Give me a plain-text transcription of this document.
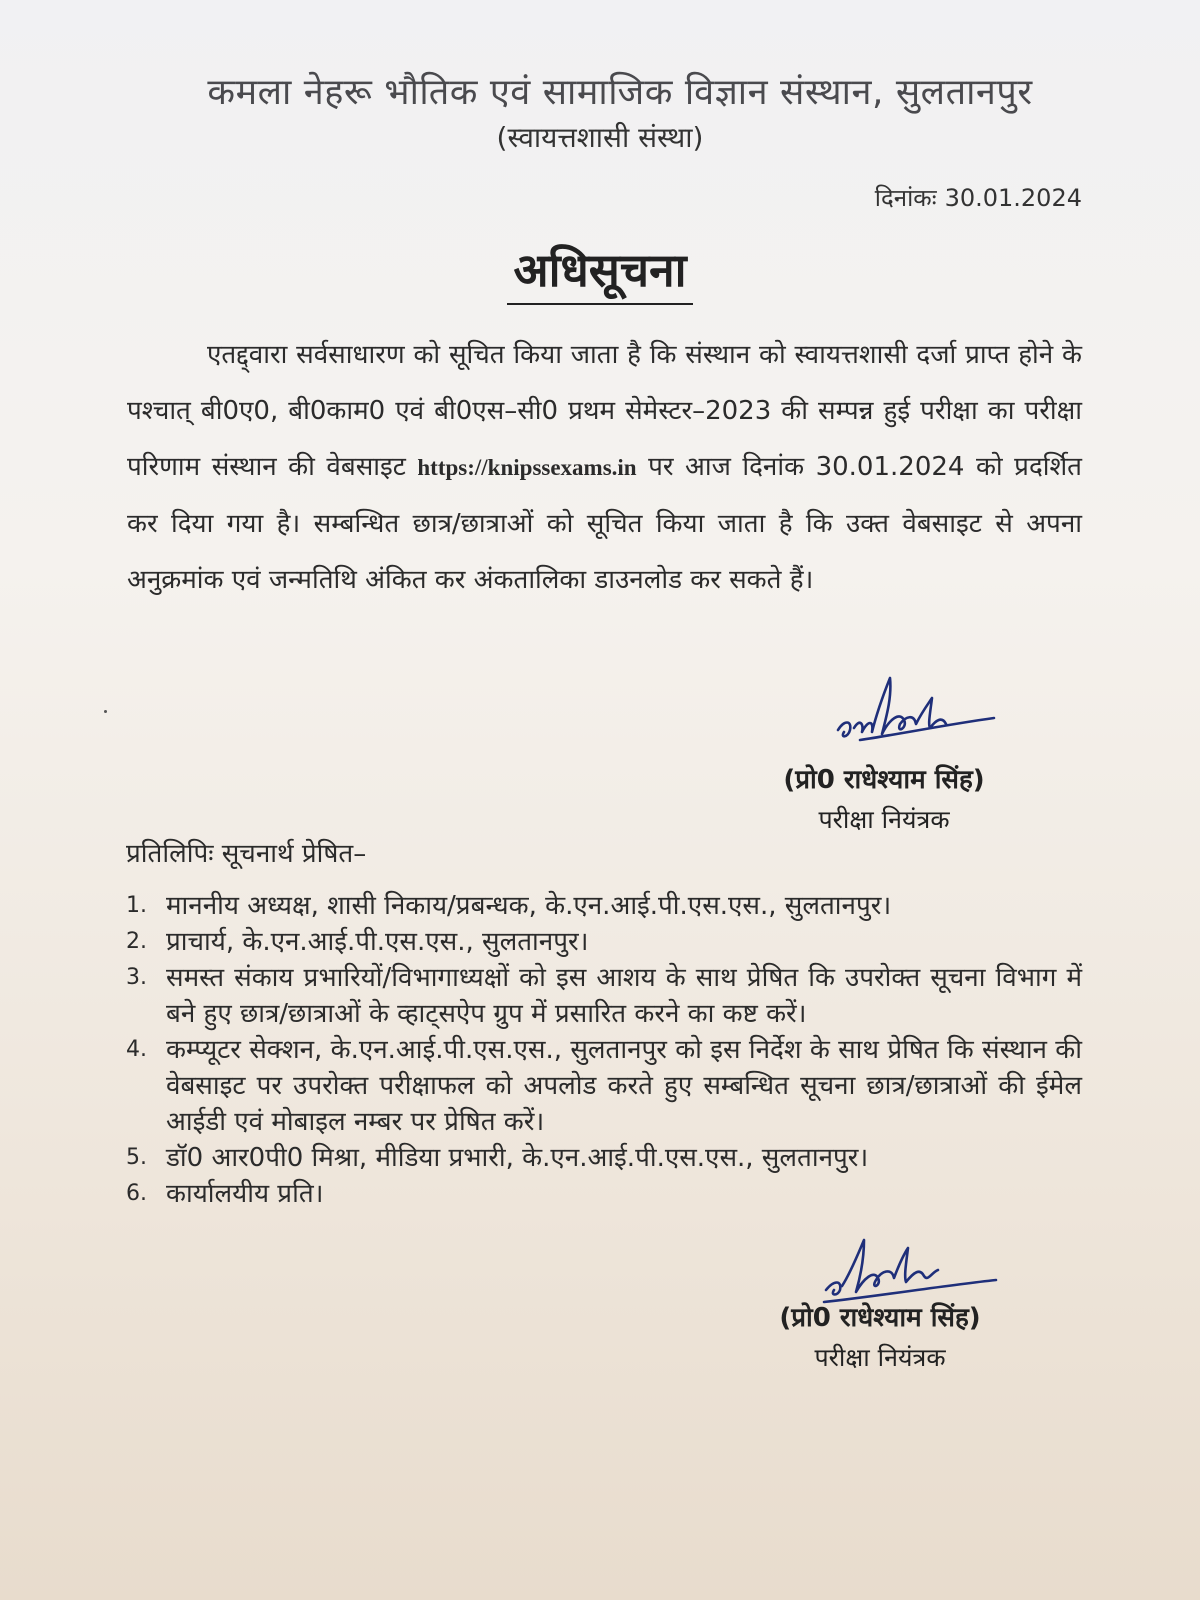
कमला नेहरू भौतिक एवं सामाजिक विज्ञान संस्थान, सुलतानपुर
(स्वायत्तशासी संस्था)
दिनांकः 30.01.2024
अधिसूचना
एतद्द्वारा सर्वसाधारण को सूचित किया जाता है कि संस्थान को स्वायत्तशासी दर्जा प्राप्त होने के पश्चात् बी0ए0, बी0काम0 एवं बी0एस–सी0 प्रथम सेमेस्टर–2023 की सम्पन्न हुई परीक्षा का परीक्षा परिणाम संस्थान की वेबसाइट https://knipssexams.in पर आज दिनांक 30.01.2024 को प्रदर्शित कर दिया गया है। सम्बन्धित छात्र/छात्राओं को सूचित किया जाता है कि उक्त वेबसाइट से अपना अनुक्रमांक एवं जन्मतिथि अंकित कर अंकतालिका डाउनलोड कर सकते हैं।
(प्रो0 राधेश्याम सिंह)
परीक्षा नियंत्रक
प्रतिलिपिः सूचनार्थ प्रेषित–
1. माननीय अध्यक्ष, शासी निकाय/प्रबन्धक, के.एन.आई.पी.एस.एस., सुलतानपुर।
2. प्राचार्य, के.एन.आई.पी.एस.एस., सुलतानपुर।
3. समस्त संकाय प्रभारियों/विभागाध्यक्षों को इस आशय के साथ प्रेषित कि उपरोक्त सूचना विभाग में बने हुए छात्र/छात्राओं के व्हाट्सऐप ग्रुप में प्रसारित करने का कष्ट करें।
4. कम्प्यूटर सेक्शन, के.एन.आई.पी.एस.एस., सुलतानपुर को इस निर्देश के साथ प्रेषित कि संस्थान की वेबसाइट पर उपरोक्त परीक्षाफल को अपलोड करते हुए सम्बन्धित सूचना छात्र/छात्राओं की ईमेल आईडी एवं मोबाइल नम्बर पर प्रेषित करें।
5. डॉ0 आर0पी0 मिश्रा, मीडिया प्रभारी, के.एन.आई.पी.एस.एस., सुलतानपुर।
6. कार्यालयीय प्रति।
(प्रो0 राधेश्याम सिंह)
परीक्षा नियंत्रक
